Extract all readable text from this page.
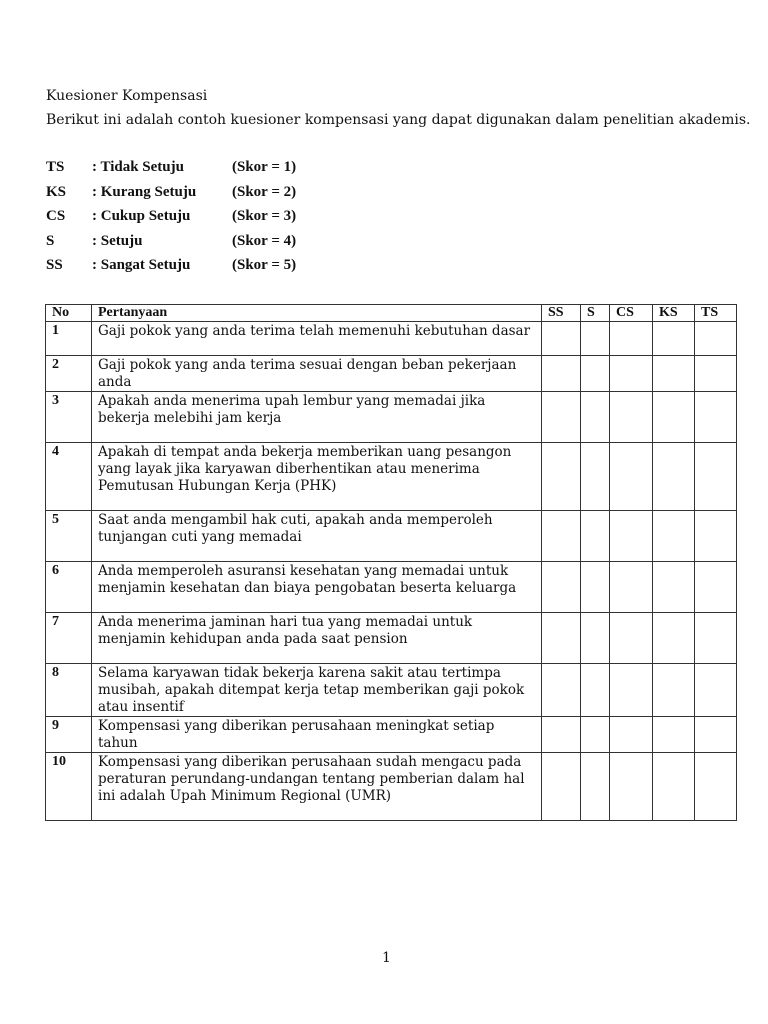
Kuesioner Kompensasi
Berikut ini adalah contoh kuesioner kompensasi yang dapat digunakan dalam penelitian akademis.
TS : Tidak Setuju	(Skor = 1)
KS : Kurang Setuju (Skor = 2)
CS : Cukup Setuju	(Skor = 3)
S	: Setuju	(Skor = 4)
SS : Sangat Setuju	(Skor = 5)
No	Pertanyaan	SS	S	CS	KS	TS
1	Gaji pokok yang anda terima telah memenuhi kebutuhan dasar					
2	Gaji pokok yang anda terima sesuai dengan beban pekerjaan anda					
3	Apakah anda menerima upah lembur yang memadai jika bekerja melebihi jam kerja					
4	Apakah di tempat anda bekerja memberikan uang pesangon yang layak jika karyawan diberhentikan atau menerima Pemutusan Hubungan Kerja (PHK)					
5	Saat anda mengambil hak cuti, apakah anda memperoleh tunjangan cuti yang memadai					
6	Anda memperoleh asuransi kesehatan yang memadai untuk menjamin kesehatan dan biaya pengobatan beserta keluarga					
7	Anda menerima jaminan hari tua yang memadai untuk menjamin kehidupan anda pada saat pension					
8	Selama karyawan tidak bekerja karena sakit atau tertimpa musibah, apakah ditempat kerja tetap memberikan gaji pokok atau insentif					
9	Kompensasi yang diberikan perusahaan meningkat setiap tahun					
10	Kompensasi yang diberikan perusahaan sudah mengacu pada peraturan perundang-undangan tentang pemberian dalam hal ini adalah Upah Minimum Regional (UMR)					
1
